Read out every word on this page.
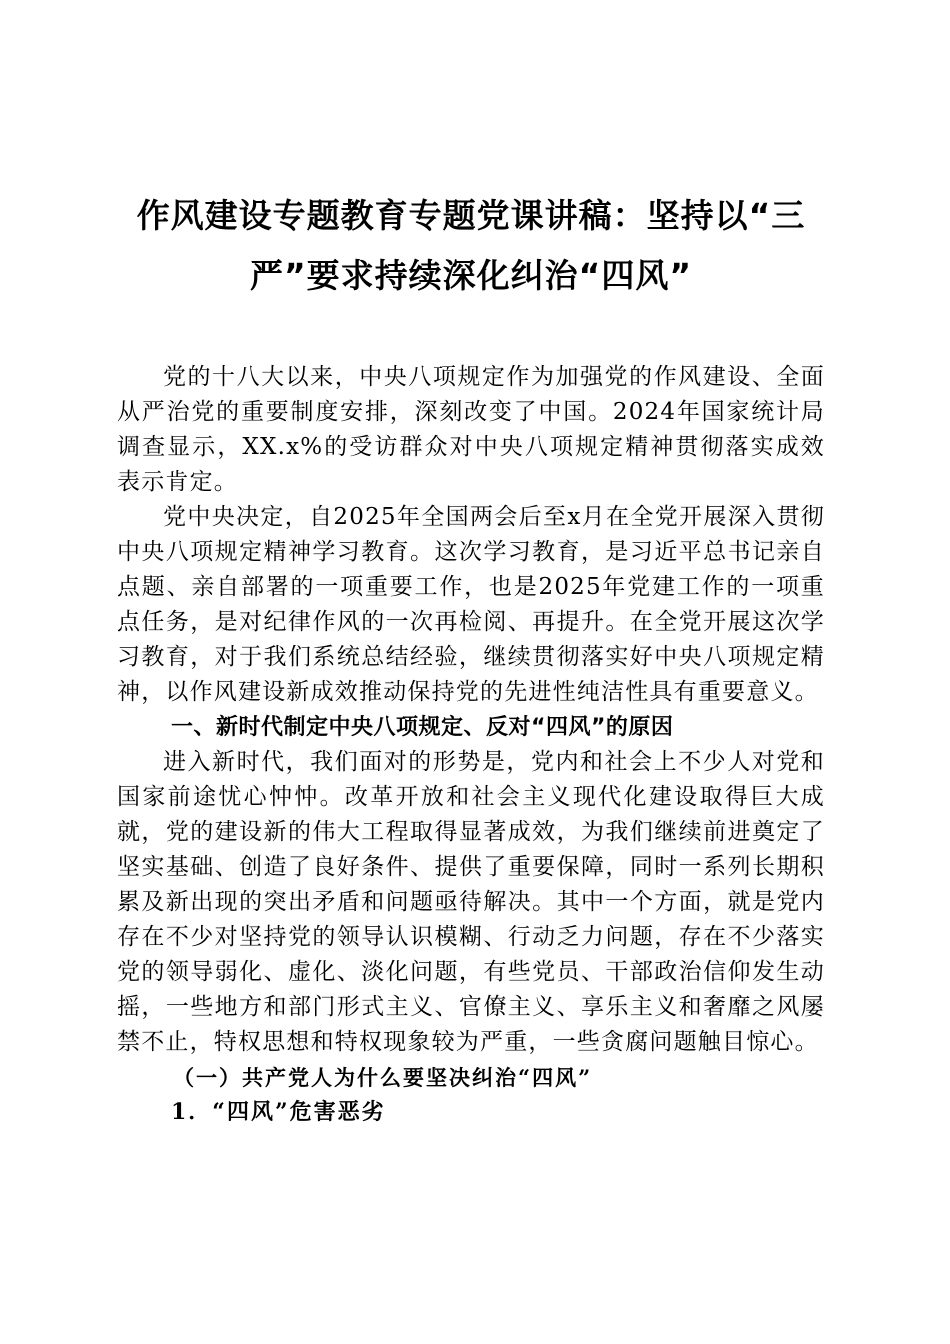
作风建设专题教育专题党课讲稿：坚持以“三
严”要求持续深化纠治“四风”

党的十八大以来，中央八项规定作为加强党的作风建设、全面从严治党的重要制度安排，深刻改变了中国。2024年国家统计局调查显示，XX.x%的受访群众对中央八项规定精神贯彻落实成效表示肯定。

党中央决定，自2025年全国两会后至x月在全党开展深入贯彻中央八项规定精神学习教育。这次学习教育，是习近平总书记亲自点题、亲自部署的一项重要工作，也是2025年党建工作的一项重点任务，是对纪律作风的一次再检阅、再提升。在全党开展这次学习教育，对于我们系统总结经验，继续贯彻落实好中央八项规定精神，以作风建设新成效推动保持党的先进性纯洁性具有重要意义。

一、新时代制定中央八项规定、反对“四风”的原因

进入新时代，我们面对的形势是，党内和社会上不少人对党和国家前途忧心忡忡。改革开放和社会主义现代化建设取得巨大成就，党的建设新的伟大工程取得显著成效，为我们继续前进奠定了坚实基础、创造了良好条件、提供了重要保障，同时一系列长期积累及新出现的突出矛盾和问题亟待解决。其中一个方面，就是党内存在不少对坚持党的领导认识模糊、行动乏力问题，存在不少落实党的领导弱化、虚化、淡化问题，有些党员、干部政治信仰发生动摇，一些地方和部门形式主义、官僚主义、享乐主义和奢靡之风屡禁不止，特权思想和特权现象较为严重，一些贪腐问题触目惊心。

（一）共产党人为什么要坚决纠治“四风”
1．“四风”危害恶劣
